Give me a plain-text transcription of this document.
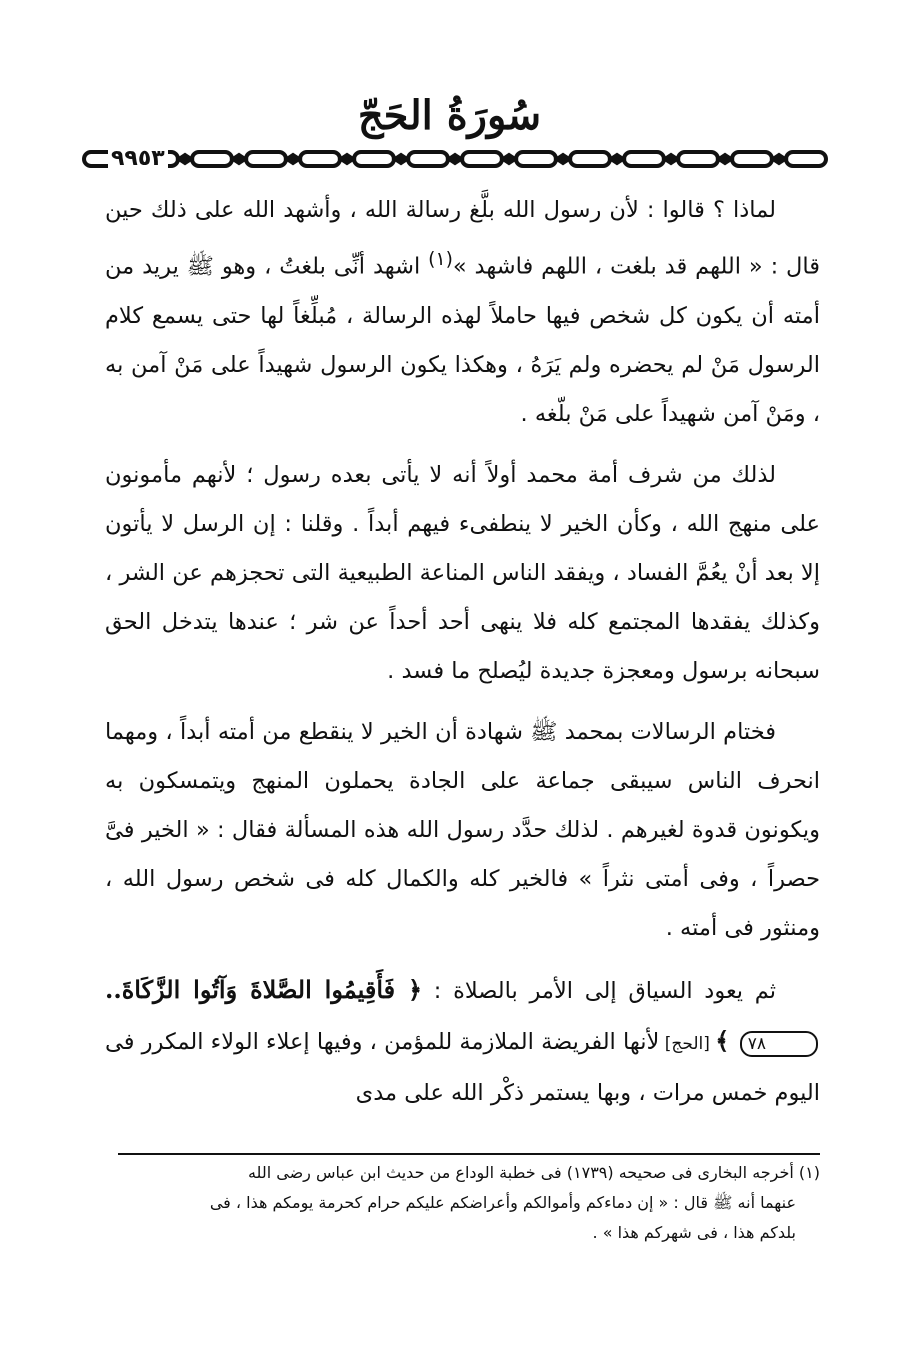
سُورَةُ الحَجّ
٩٩٥٣

لماذا ؟ قالوا : لأن رسول الله بلَّغ رسالة الله ، وأشهد الله على ذلك حين قال : « اللهم قد بلغت ، اللهم فاشهد »$^{(١)}$ اشهد أنِّى بلغتُ ، وهو ﷺ يريد من أمته أن يكون كل شخص فيها حاملاً لهذه الرسالة ، مُبلِّغاً لها حتى يسمع كلام الرسول مَنْ لم يحضره ولم يَرَهُ ، وهكذا يكون الرسول شهيداً على مَنْ آمن به ، ومَنْ آمن شهيداً على مَنْ بلّغه .

لذلك من شرف أمة محمد أولاً أنه لا يأتى بعده رسول ؛ لأنهم مأمونون على منهج الله ، وكأن الخير لا ينطفىء فيهم أبداً . وقلنا : إن الرسل لا يأتون إلا بعد أنْ يعُمَّ الفساد ، ويفقد الناس المناعة الطبيعية التى تحجزهم عن الشر ، وكذلك يفقدها المجتمع كله فلا ينهى أحد أحداً عن شر ؛ عندها يتدخل الحق سبحانه برسول ومعجزة جديدة ليُصلح ما فسد .

فختام الرسالات بمحمد ﷺ شهادة أن الخير لا ينقطع من أمته أبداً ، ومهما انحرف الناس سيبقى جماعة على الجادة يحملون المنهج ويتمسكون به ويكونون قدوة لغيرهم . لذلك حدَّد رسول الله هذه المسألة فقال : « الخير فىَّ حصراً ، وفى أمتى نثراً » فالخير كله والكمال كله فى شخص رسول الله ، ومنثور فى أمته .

ثم يعود السياق إلى الأمر بالصلاة : ﴿ فَأَقِيمُوا الصَّلاةَ وَآتُوا الزَّكَاةَ.. ٧٨ ﴾ [الحج] لأنها الفريضة الملازمة للمؤمن ، وفيها إعلاء الولاء المكرر فى اليوم خمس مرات ، وبها يستمر ذكْر الله على مدى

(١) أخرجه البخارى فى صحيحه (١٧٣٩) فى خطبة الوداع من حديث ابن عباس رضى الله

عنهما أنه ﷺ قال : « إن دماءكم وأموالكم وأعراضكم عليكم حرام كحرمة يومكم هذا ، فى

بلدكم هذا ، فى شهركم هذا » .
